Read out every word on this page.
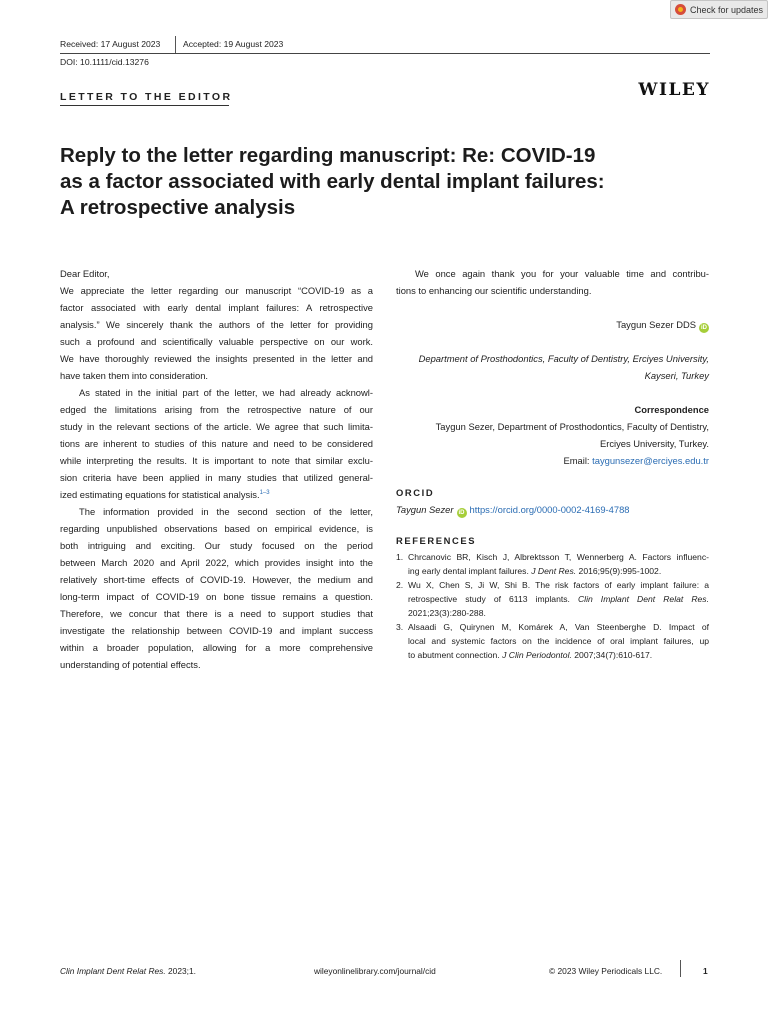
Check for updates
Received: 17 August 2023	Accepted: 19 August 2023
DOI: 10.1111/cid.13276
LETTER TO THE EDITOR	WILEY
Reply to the letter regarding manuscript: Re: COVID-19
as a factor associated with early dental implant failures:
A retrospective analysis
Dear Editor,
We appreciate the letter regarding our manuscript “COVID-19 as a
factor associated with early dental implant failures: A retrospective
analysis.” We sincerely thank the authors of the letter for providing
such a profound and scientifically valuable perspective on our work.
We have thoroughly reviewed the insights presented in the letter and
have taken them into consideration.
As stated in the initial part of the letter, we had already acknowl-
edged the limitations arising from the retrospective nature of our
study in the relevant sections of the article. We agree that such limita-
tions are inherent to studies of this nature and need to be considered
while interpreting the results. It is important to note that similar exclu-
sion criteria have been applied in many studies that utilized general-
ized estimating equations for statistical analysis.$^{1-3}$
The information provided in the second section of the letter,
regarding unpublished observations based on empirical evidence, is
both intriguing and exciting. Our study focused on the period
between March 2020 and April 2022, which provides insight into the
relatively short-time effects of COVID-19. However, the medium and
long-term impact of COVID-19 on bone tissue remains a question.
Therefore, we concur that there is a need to support studies that
investigate the relationship between COVID-19 and implant success
within a broader population, allowing for a more comprehensive
understanding of potential effects.
We once again thank you for your valuable time and contribu-
tions to enhancing our scientific understanding.
Taygun Sezer DDS iD
Department of Prosthodontics, Faculty of Dentistry, Erciyes University,
Kayseri, Turkey
Correspondence
Taygun Sezer, Department of Prosthodontics, Faculty of Dentistry,
Erciyes University, Turkey.
Email: taygunsezer@erciyes.edu.tr
ORCID
Taygun Sezer iD https://orcid.org/0000-0002-4169-4788
REFERENCES
1. Chrcanovic BR, Kisch J, Albrektsson T, Wennerberg A. Factors influenc-
ing early dental implant failures. J Dent Res. 2016;95(9):995-1002.
2. Wu X, Chen S, Ji W, Shi B. The risk factors of early implant failure: a
retrospective study of 6113 implants. Clin Implant Dent Relat Res.
2021;23(3):280-288.
3. Alsaadi G, Quirynen M, Komárek A, Van Steenberghe D. Impact of
local and systemic factors on the incidence of oral implant failures, up
to abutment connection. J Clin Periodontol. 2007;34(7):610-617.
Clin Implant Dent Relat Res. 2023;1.	wileyonlinelibrary.com/journal/cid	© 2023 Wiley Periodicals LLC.	1
